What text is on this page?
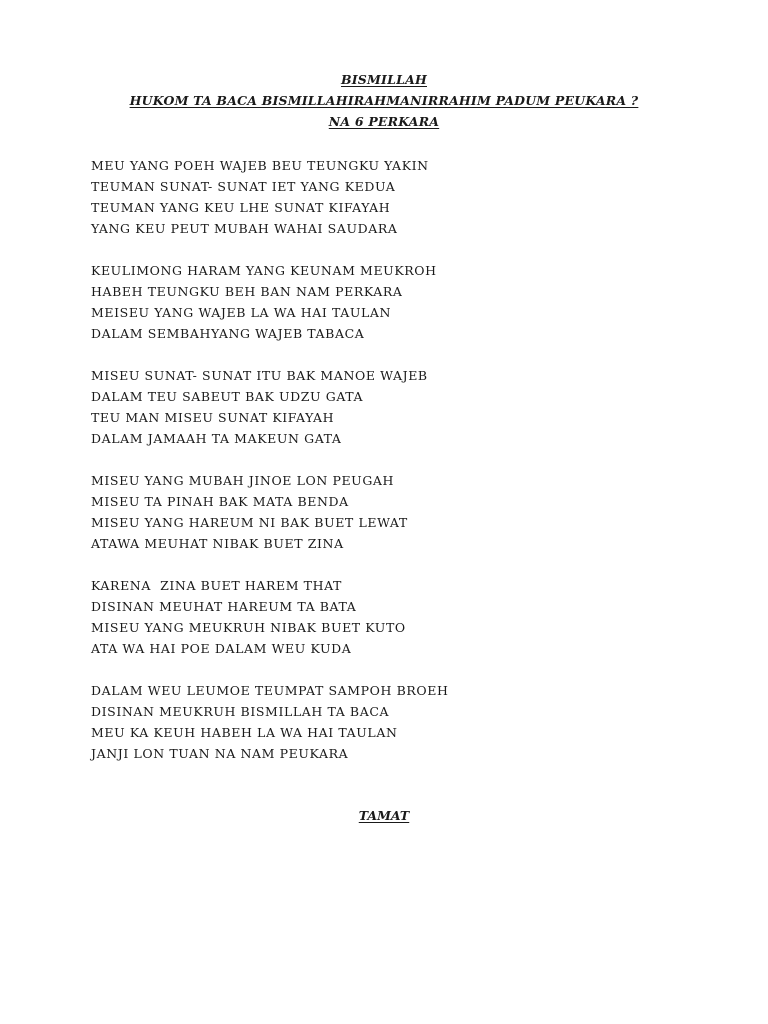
BISMILLAH
HUKOM TA BACA BISMILLAHIRAHMANIRRAHIM PADUM PEUKARA ?
NA 6 PERKARA
MEU YANG POEH WAJEB BEU TEUNGKU YAKIN
TEUMAN SUNAT- SUNAT IET YANG KEDUA
TEUMAN YANG KEU LHE SUNAT KIFAYAH
YANG KEU PEUT MUBAH WAHAI SAUDARA
KEULIMONG HARAM YANG KEUNAM MEUKROH
HABEH TEUNGKU BEH BAN NAM PERKARA
MEISEU YANG WAJEB LA WA HAI TAULAN
DALAM SEMBAHYANG WAJEB TABACA
MISEU SUNAT- SUNAT ITU BAK MANOE WAJEB
DALAM TEU SABEUT BAK UDZU GATA
TEU MAN MISEU SUNAT KIFAYAH
DALAM JAMAAH TA MAKEUN GATA
MISEU YANG MUBAH JINOE LON PEUGAH
MISEU TA PINAH BAK MATA BENDA
MISEU YANG HAREUM NI BAK BUET LEWAT
ATAWA MEUHAT NIBAK BUET ZINA
KARENA  ZINA BUET HAREM THAT
DISINAN MEUHAT HAREUM TA BATA
MISEU YANG MEUKRUH NIBAK BUET KUTO
ATA WA HAI POE DALAM WEU KUDA
DALAM WEU LEUMOE TEUMPAT SAMPOH BROEH
DISINAN MEUKRUH BISMILLAH TA BACA
MEU KA KEUH HABEH LA WA HAI TAULAN
JANJI LON TUAN NA NAM PEUKARA
TAMAT
